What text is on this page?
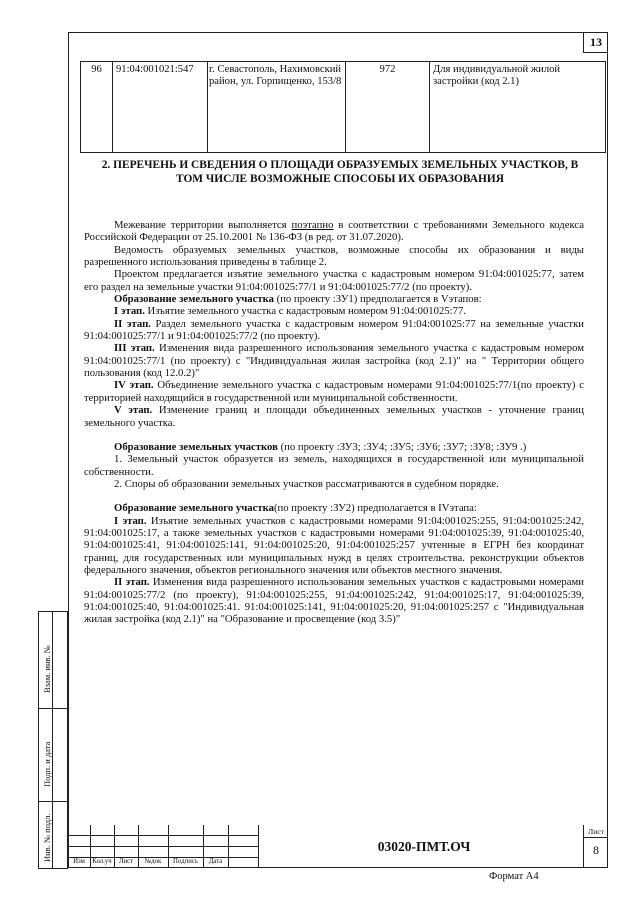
13
96	91:04:001021:547	г. Севастополь, Нахимовский район, ул. Горпищенко, 153/8	972	Для индивидуальной жилой застройки (код 2.1)
2. ПЕРЕЧЕНЬ И СВЕДЕНИЯ О ПЛОЩАДИ ОБРАЗУЕМЫХ ЗЕМЕЛЬНЫХ УЧАСТКОВ, В ТОМ ЧИСЛЕ ВОЗМОЖНЫЕ СПОСОБЫ ИХ ОБРАЗОВАНИЯ

Межевание территории выполняется поэтапно в соответствии с требованиями Земельного кодекса Российской Федерации от 25.10.2001 № 136-ФЗ (в ред. от 31.07.2020).

Ведомость образуемых земельных участков, возможные способы их образования и виды разрешенного использования приведены в таблице 2.

Проектом предлагается изъятие земельного участка с кадастровым номером 91:04:001025:77, затем его раздел на земельные участки 91:04:001025:77/1 и 91:04:001025:77/2 (по проекту).

Образование земельного участка (по проекту :ЗУ1) предполагается в Vэтапов:

I этап. Изъятие земельного участка с кадастровым номером 91:04:001025:77.

II этап. Раздел земельного участка с кадастровым номером 91:04:001025:77 на земельные участки 91:04:001025:77/1 и 91:04:001025:77/2 (по проекту).

III этап. Изменения вида разрешенного использования земельного участка с кадастровым номером 91:04:001025:77/1 (по проекту) с "Индивидуальная жилая застройка (код 2.1)" на " Территории общего пользования (код 12.0.2)"

IV этап. Объединение земельного участка с кадастровым номерами 91:04:001025:77/1(по проекту) с территорией находящийся в государственной или муниципальной собственности.

V этап. Изменение границ и площади объединенных земельных участков - уточнение границ земельного участка.

Образование земельных участков (по проекту :ЗУ3; :ЗУ4; :ЗУ5; :ЗУ6; :ЗУ7; :ЗУ8; :ЗУ9 .)

1. Земельный участок образуется из земель, находящихся в государственной или муниципальной собственности.

2. Споры об образовании земельных участков рассматриваются в судебном порядке.

Образование земельного участка(по проекту :ЗУ2) предполагается в IVэтапа:

I этап. Изъятие земельных участков с кадастровыми номерами 91:04:001025:255, 91:04:001025:242, 91:04:001025:17, а также земельных участков с кадастровыми номерами 91:04:001025:39, 91:04:001025:40, 91:04:001025:41, 91:04:001025:141, 91:04:001025:20, 91:04:001025:257 учтенные в ЕГРН без координат границ, для государственных или муниципальных нужд в целях строительства. реконструкции объектов федерального значения, объектов регионального значения или объектов местного значения.

II этап. Изменения вида разрешенного использования земельных участков с кадастровыми номерами 91:04:001025:77/2 (по проекту), 91:04:001025:255, 91:04:001025:242, 91:04:001025:17, 91:04:001025:39, 91:04:001025:40, 91:04:001025:41. 91:04:001025:141, 91:04:001025:20, 91:04:001025:257 с "Индивидуальная жилая застройка (код 2.1)" на "Образование и просвещение (код 3.5)"

Взам. инв. №
Подп. и дата
Инв. № подл.	Изм	Кол.уч	Лист	№док	Подпись	Дата
03020-ПМТ.ОЧ
Лист
8
Формат А4
